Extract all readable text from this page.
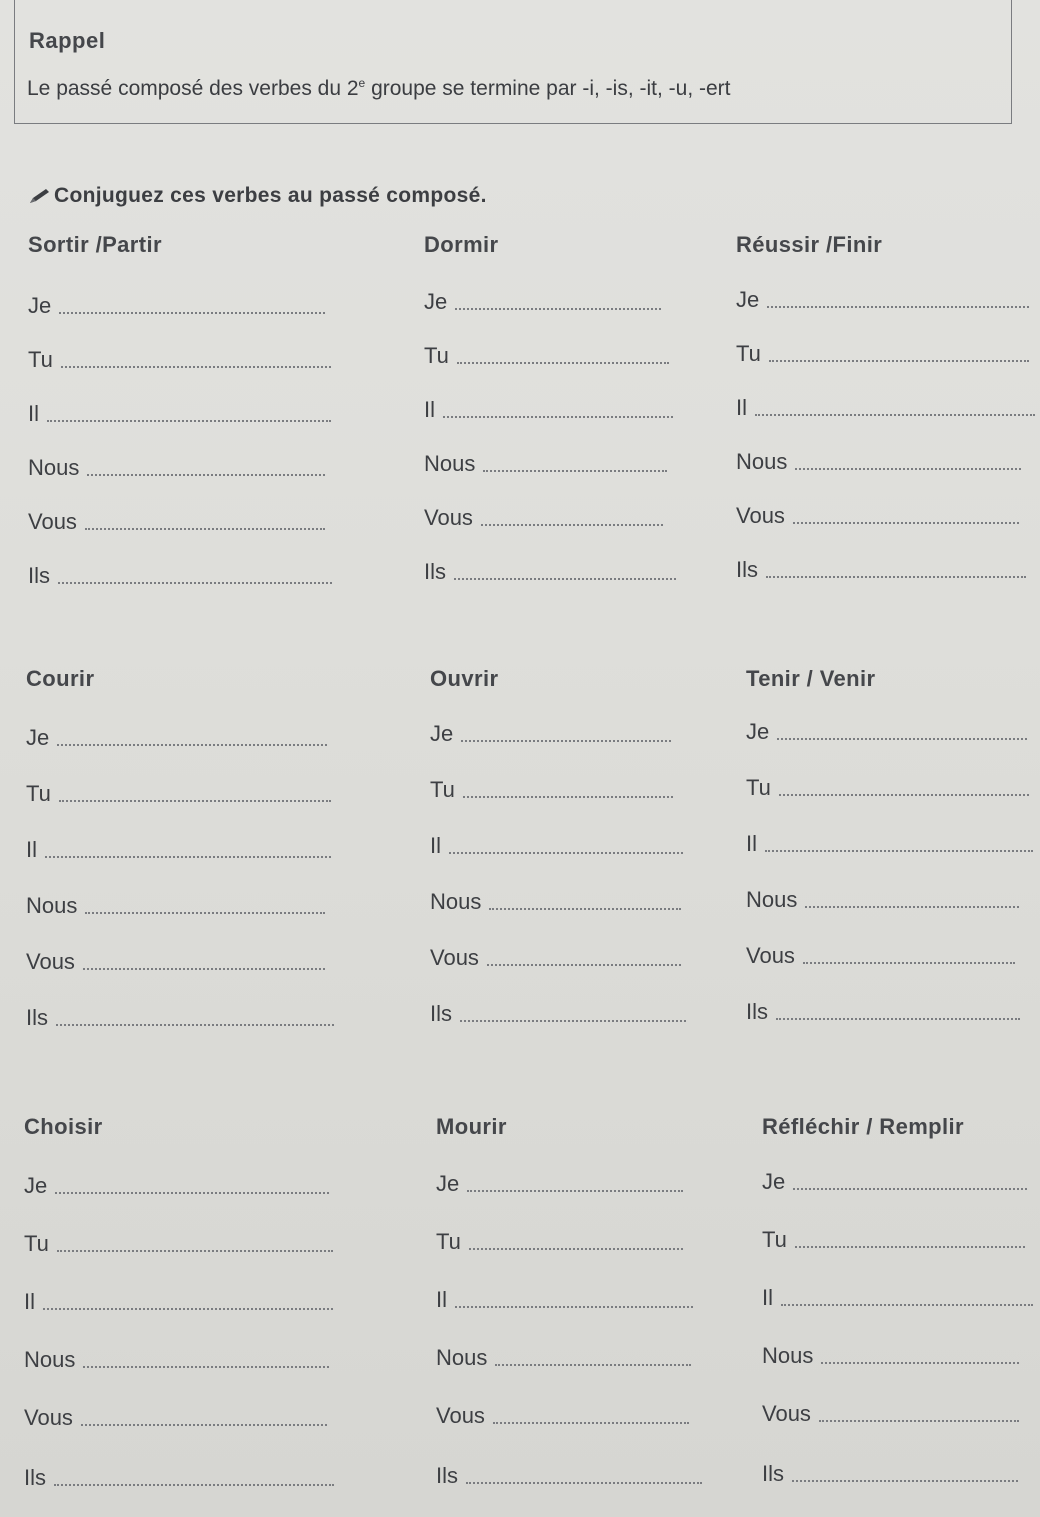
Rappel
Le passé composé des verbes du 2e groupe se termine par -i, -is, -it, -u, -ert
Conjuguez ces verbes au passé composé.
Sortir /Partir
Je
Tu
Il
Nous
Vous
Ils
Dormir
Je
Tu
Il
Nous
Vous
Ils
Réussir /Finir
Je
Tu
Il
Nous
Vous
Ils
Courir
Je
Tu
Il
Nous
Vous
Ils
Ouvrir
Je
Tu
Il
Nous
Vous
Ils
Tenir / Venir
Je
Tu
Il
Nous
Vous
Ils
Choisir
Je
Tu
Il
Nous
Vous
Ils
Mourir
Je
Tu
Il
Nous
Vous
Ils
Réfléchir / Remplir
Je
Tu
Il
Nous
Vous
Ils
